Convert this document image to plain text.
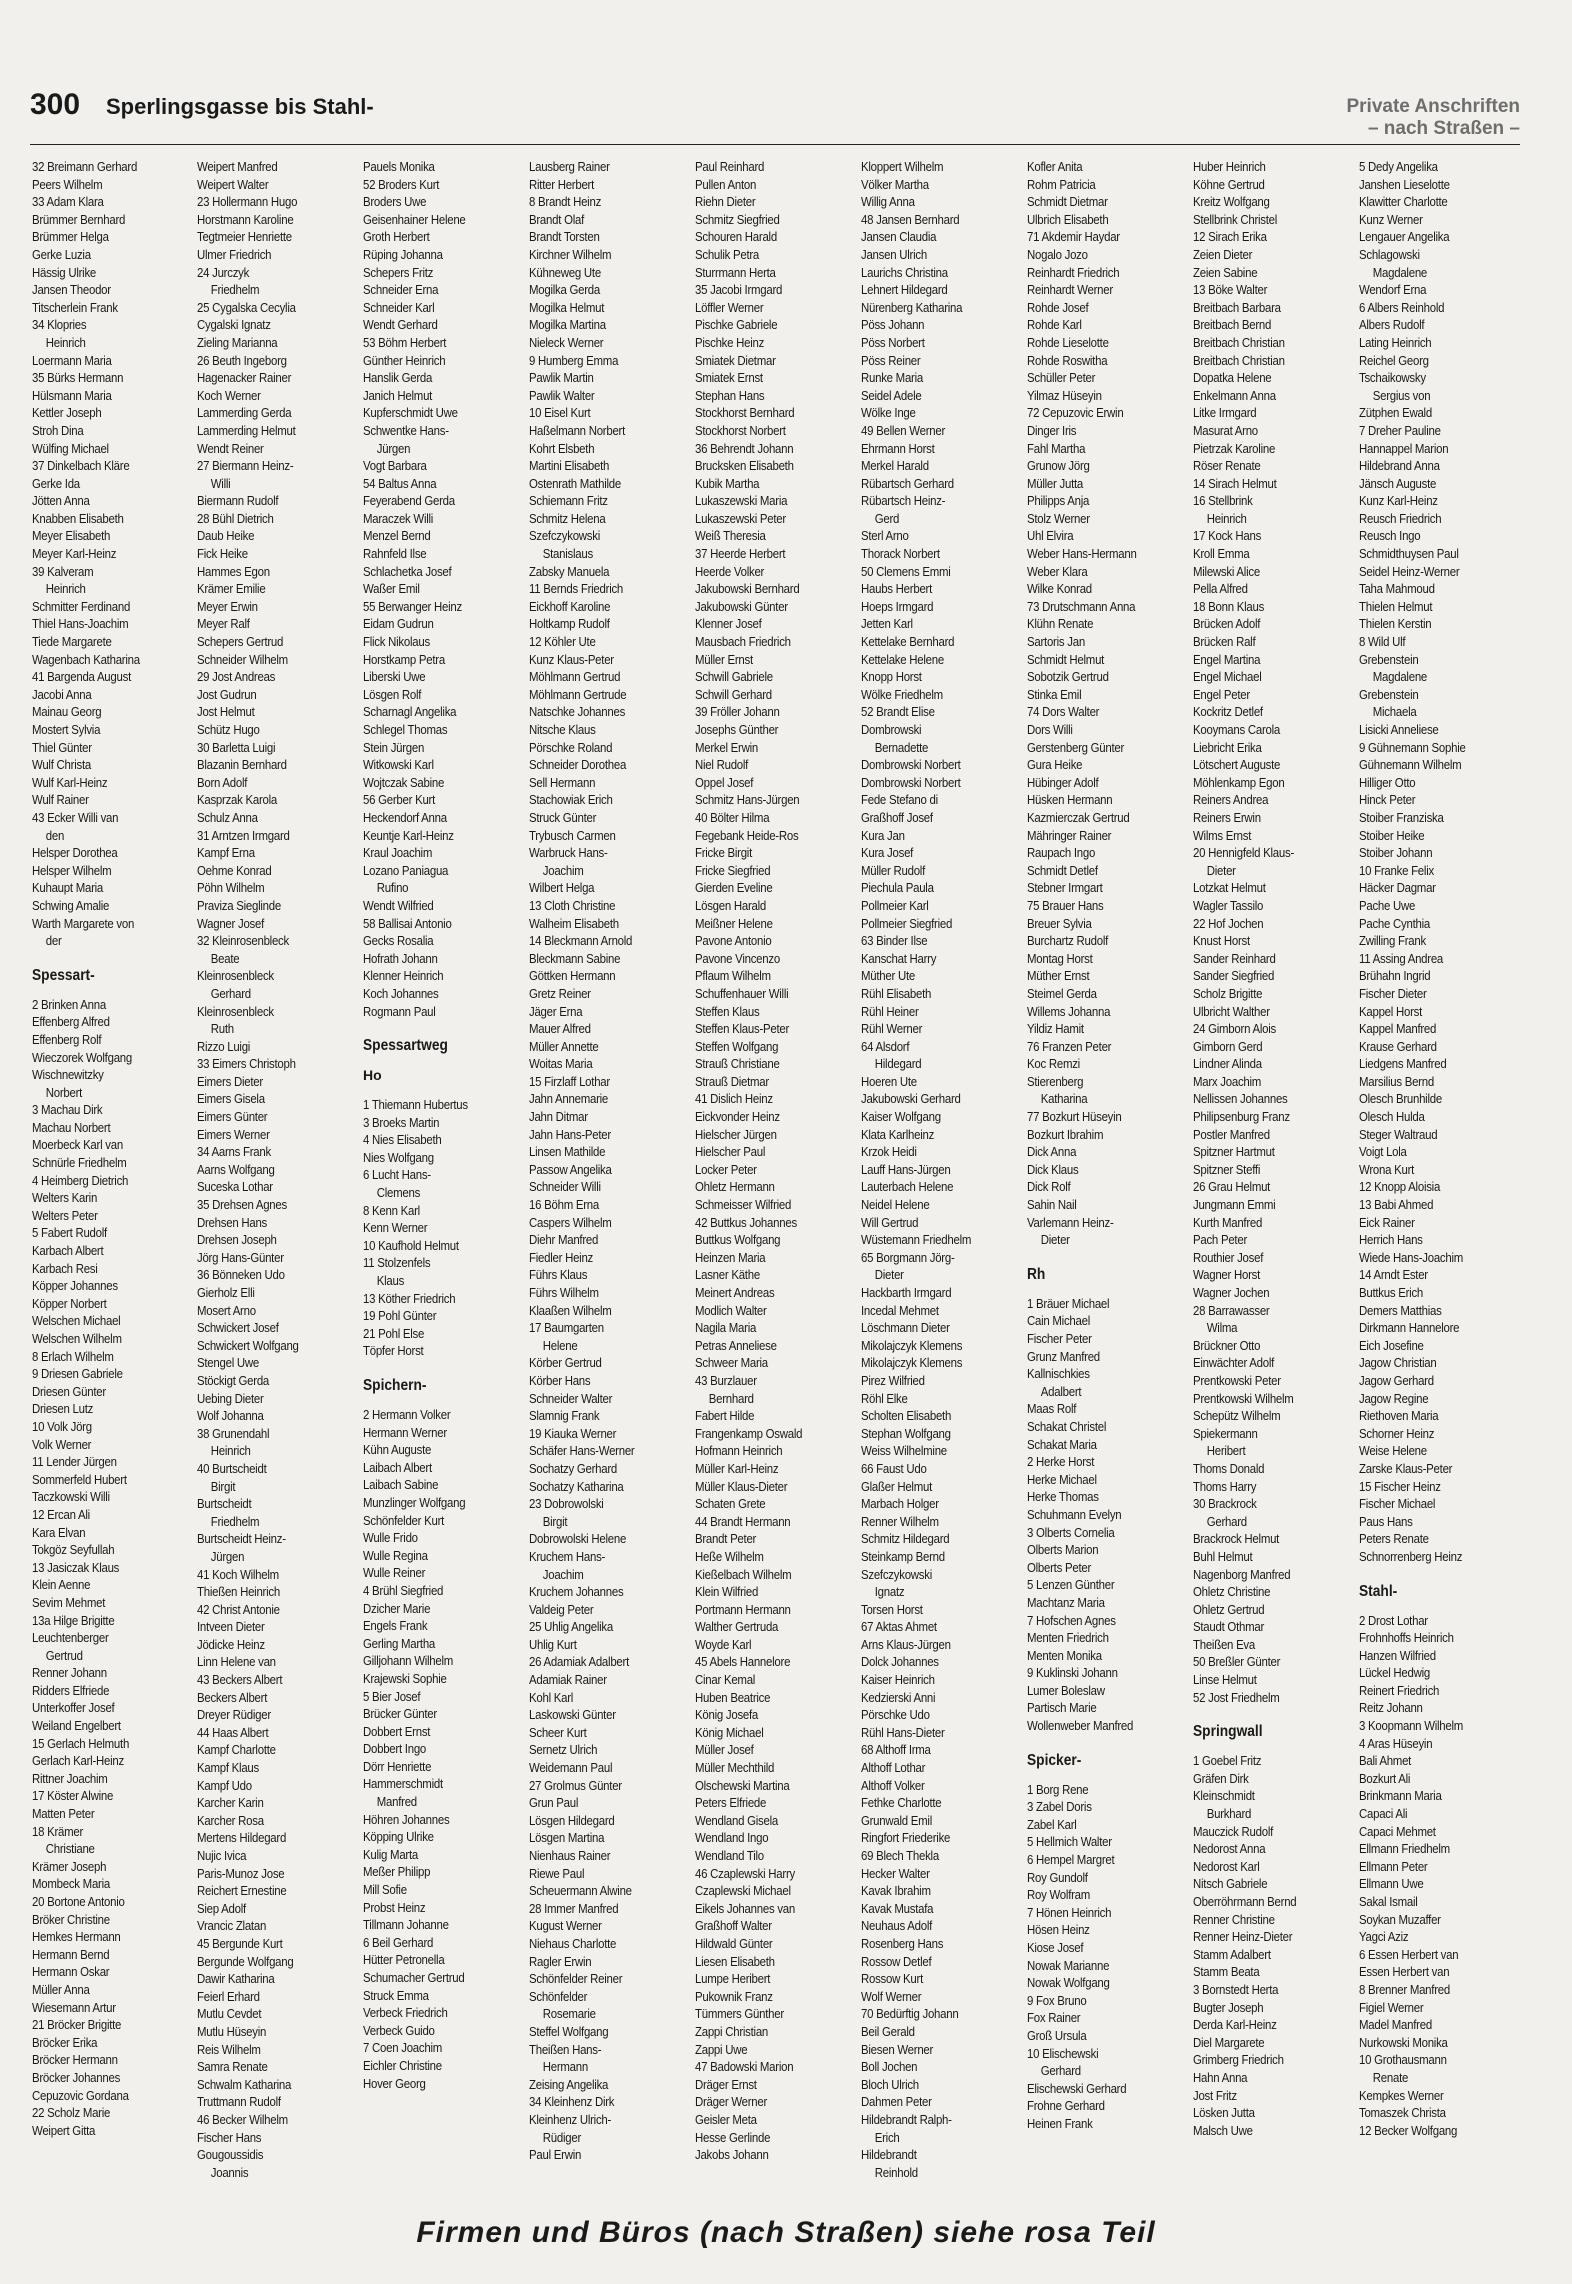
300 Sperlingsgasse bis Stahl-	Private Anschriften
– nach Straßen –
32 Breimann Gerhard
Peers Wilhelm
33 Adam Klara
Brümmer Bernhard
Brümmer Helga
Gerke Luzia
Hässig Ulrike
Jansen Theodor
Titscherlein Frank
34 Klopries
Heinrich
Loermann Maria
35 Bürks Hermann
Hülsmann Maria
Kettler Joseph
Stroh Dina
Wülfing Michael
37 Dinkelbach Kläre
Gerke Ida
Jötten Anna
Knabben Elisabeth
Meyer Elisabeth
Meyer Karl-Heinz
39 Kalveram
Heinrich
Schmitter Ferdinand
Thiel Hans-Joachim
Tiede Margarete
Wagenbach Katharina
41 Bargenda August
Jacobi Anna
Mainau Georg
Mostert Sylvia
Thiel Günter
Wulf Christa
Wulf Karl-Heinz
Wulf Rainer
43 Ecker Willi van
den
Helsper Dorothea
Helsper Wilhelm
Kuhaupt Maria
Schwing Amalie
Warth Margarete von
der
Spessart-
2 Brinken Anna
Effenberg Alfred
Effenberg Rolf
Wieczorek Wolfgang
Wischnewitzky
Norbert
3 Machau Dirk
Machau Norbert
Moerbeck Karl van
Schnürle Friedhelm
4 Heimberg Dietrich
Welters Karin
Welters Peter
5 Fabert Rudolf
Karbach Albert
Karbach Resi
Köpper Johannes
Köpper Norbert
Welschen Michael
Welschen Wilhelm
8 Erlach Wilhelm
9 Driesen Gabriele
Driesen Günter
Driesen Lutz
10 Volk Jörg
Volk Werner
11 Lender Jürgen
Sommerfeld Hubert
Taczkowski Willi
12 Ercan Ali
Kara Elvan
Tokgöz Seyfullah
13 Jasiczak Klaus
Klein Aenne
Sevim Mehmet
13a Hilge Brigitte
Leuchtenberger
Gertrud
Renner Johann
Ridders Elfriede
Unterkoffer Josef
Weiland Engelbert
15 Gerlach Helmuth
Gerlach Karl-Heinz
Rittner Joachim
17 Köster Alwine
Matten Peter
18 Krämer
Christiane
Krämer Joseph
Mombeck Maria
20 Bortone Antonio
Bröker Christine
Hemkes Hermann
Hermann Bernd
Hermann Oskar
Müller Anna
Wiesemann Artur
21 Bröcker Brigitte
Bröcker Erika
Bröcker Hermann
Bröcker Johannes
Cepuzovic Gordana
22 Scholz Marie
Weipert Gitta
Weipert Manfred
Weipert Walter
23 Hollermann Hugo
Horstmann Karoline
Tegtmeier Henriette
Ulmer Friedrich
24 Jurczyk
Friedhelm
25 Cygalska Cecylia
Cygalski Ignatz
Zieling Marianna
26 Beuth Ingeborg
Hagenacker Rainer
Koch Werner
Lammerding Gerda
Lammerding Helmut
Wendt Reiner
27 Biermann Heinz-
Willi
Biermann Rudolf
28 Bühl Dietrich
Daub Heike
Fick Heike
Hammes Egon
Krämer Emilie
Meyer Erwin
Meyer Ralf
Schepers Gertrud
Schneider Wilhelm
29 Jost Andreas
Jost Gudrun
Jost Helmut
Schütz Hugo
30 Barletta Luigi
Blazanin Bernhard
Born Adolf
Kasprzak Karola
Schulz Anna
31 Arntzen Irmgard
Kampf Erna
Oehme Konrad
Pöhn Wilhelm
Praviza Sieglinde
Wagner Josef
32 Kleinrosenbleck
Beate
Kleinrosenbleck
Gerhard
Kleinrosenbleck
Ruth
Rizzo Luigi
33 Eimers Christoph
Eimers Dieter
Eimers Gisela
Eimers Günter
Eimers Werner
34 Aarns Frank
Aarns Wolfgang
Suceska Lothar
35 Drehsen Agnes
Drehsen Hans
Drehsen Joseph
Jörg Hans-Günter
36 Bönneken Udo
Gierholz Elli
Mosert Arno
Schwickert Josef
Schwickert Wolfgang
Stengel Uwe
Stöckigt Gerda
Uebing Dieter
Wolf Johanna
38 Grunendahl
Heinrich
40 Burtscheidt
Birgit
Burtscheidt
Friedhelm
Burtscheidt Heinz-
Jürgen
41 Koch Wilhelm
Thießen Heinrich
42 Christ Antonie
Intveen Dieter
Jödicke Heinz
Linn Helene van
43 Beckers Albert
Beckers Albert
Dreyer Rüdiger
44 Haas Albert
Kampf Charlotte
Kampf Klaus
Kampf Udo
Karcher Karin
Karcher Rosa
Mertens Hildegard
Nujic Ivica
Paris-Munoz Jose
Reichert Ernestine
Siep Adolf
Vrancic Zlatan
45 Bergunde Kurt
Bergunde Wolfgang
Dawir Katharina
Feierl Erhard
Mutlu Cevdet
Mutlu Hüseyin
Reis Wilhelm
Samra Renate
Schwalm Katharina
Truttmann Rudolf
46 Becker Wilhelm
Fischer Hans
Gougoussidis
Joannis
Pauels Monika
52 Broders Kurt
Broders Uwe
Geisenhainer Helene
Groth Herbert
Rüping Johanna
Schepers Fritz
Schneider Erna
Schneider Karl
Wendt Gerhard
53 Böhm Herbert
Günther Heinrich
Hanslik Gerda
Janich Helmut
Kupferschmidt Uwe
Schwentke Hans-
Jürgen
Vogt Barbara
54 Baltus Anna
Feyerabend Gerda
Maraczek Willi
Menzel Bernd
Rahnfeld Ilse
Schlachetka Josef
Waßer Emil
55 Berwanger Heinz
Eidam Gudrun
Flick Nikolaus
Horstkamp Petra
Liberski Uwe
Lösgen Rolf
Scharnagl Angelika
Schlegel Thomas
Stein Jürgen
Witkowski Karl
Wojtczak Sabine
56 Gerber Kurt
Heckendorf Anna
Keuntje Karl-Heinz
Kraul Joachim
Lozano Paniagua
Rufino
Wendt Wilfried
58 Ballisai Antonio
Gecks Rosalia
Hofrath Johann
Klenner Heinrich
Koch Johannes
Rogmann Paul
Spessartweg
Ho
1 Thiemann Hubertus
3 Broeks Martin
4 Nies Elisabeth
Nies Wolfgang
6 Lucht Hans-
Clemens
8 Kenn Karl
Kenn Werner
10 Kaufhold Helmut
11 Stolzenfels
Klaus
13 Köther Friedrich
19 Pohl Günter
21 Pohl Else
Töpfer Horst
Spichern-
2 Hermann Volker
Hermann Werner
Kühn Auguste
Laibach Albert
Laibach Sabine
Munzlinger Wolfgang
Schönfelder Kurt
Wulle Frido
Wulle Regina
Wulle Reiner
4 Brühl Siegfried
Dzicher Marie
Engels Frank
Gerling Martha
Gilljohann Wilhelm
Krajewski Sophie
5 Bier Josef
Brücker Günter
Dobbert Ernst
Dobbert Ingo
Dörr Henriette
Hammerschmidt
Manfred
Höhren Johannes
Köpping Ulrike
Kulig Marta
Meßer Philipp
Mill Sofie
Probst Heinz
Tillmann Johanne
6 Beil Gerhard
Hütter Petronella
Schumacher Gertrud
Struck Emma
Verbeck Friedrich
Verbeck Guido
7 Coen Joachim
Eichler Christine
Hover Georg
Lausberg Rainer
Ritter Herbert
8 Brandt Heinz
Brandt Olaf
Brandt Torsten
Kirchner Wilhelm
Kühneweg Ute
Mogilka Gerda
Mogilka Helmut
Mogilka Martina
Nieleck Werner
9 Humberg Emma
Pawlik Martin
Pawlik Walter
10 Eisel Kurt
Haßelmann Norbert
Kohrt Elsbeth
Martini Elisabeth
Ostenrath Mathilde
Schiemann Fritz
Schmitz Helena
Szefczykowski
Stanislaus
Zabsky Manuela
11 Bernds Friedrich
Eickhoff Karoline
Holtkamp Rudolf
12 Köhler Ute
Kunz Klaus-Peter
Möhlmann Gertrud
Möhlmann Gertrude
Natschke Johannes
Nitsche Klaus
Pörschke Roland
Schneider Dorothea
Sell Hermann
Stachowiak Erich
Struck Günter
Trybusch Carmen
Warbruck Hans-
Joachim
Wilbert Helga
13 Cloth Christine
Walheim Elisabeth
14 Bleckmann Arnold
Bleckmann Sabine
Göttken Hermann
Gretz Reiner
Jäger Erna
Mauer Alfred
Müller Annette
Woitas Maria
15 Firzlaff Lothar
Jahn Annemarie
Jahn Ditmar
Jahn Hans-Peter
Linsen Mathilde
Passow Angelika
Schneider Willi
16 Böhm Erna
Caspers Wilhelm
Diehr Manfred
Fiedler Heinz
Führs Klaus
Führs Wilhelm
Klaaßen Wilhelm
17 Baumgarten
Helene
Körber Gertrud
Körber Hans
Schneider Walter
Slamnig Frank
19 Kiauka Werner
Schäfer Hans-Werner
Sochatzy Gerhard
Sochatzy Katharina
23 Dobrowolski
Birgit
Dobrowolski Helene
Kruchem Hans-
Joachim
Kruchem Johannes
Valdeig Peter
25 Uhlig Angelika
Uhlig Kurt
26 Adamiak Adalbert
Adamiak Rainer
Kohl Karl
Laskowski Günter
Scheer Kurt
Sernetz Ulrich
Weidemann Paul
27 Grolmus Günter
Grun Paul
Lösgen Hildegard
Lösgen Martina
Nienhaus Rainer
Riewe Paul
Scheuermann Alwine
28 Immer Manfred
Kugust Werner
Niehaus Charlotte
Ragler Erwin
Schönfelder Reiner
Schönfelder
Rosemarie
Steffel Wolfgang
Theißen Hans-
Hermann
Zeising Angelika
34 Kleinhenz Dirk
Kleinhenz Ulrich-
Rüdiger
Paul Erwin
Paul Reinhard
Pullen Anton
Riehn Dieter
Schmitz Siegfried
Schouren Harald
Schulik Petra
Sturrmann Herta
35 Jacobi Irmgard
Löffler Werner
Pischke Gabriele
Pischke Heinz
Smiatek Dietmar
Smiatek Ernst
Stephan Hans
Stockhorst Bernhard
Stockhorst Norbert
36 Behrendt Johann
Brucksken Elisabeth
Kubik Martha
Lukaszewski Maria
Lukaszewski Peter
Weiß Theresia
37 Heerde Herbert
Heerde Volker
Jakubowski Bernhard
Jakubowski Günter
Klenner Josef
Mausbach Friedrich
Müller Ernst
Schwill Gabriele
Schwill Gerhard
39 Fröller Johann
Josephs Günther
Merkel Erwin
Niel Rudolf
Oppel Josef
Schmitz Hans-Jürgen
40 Bölter Hilma
Fegebank Heide-Ros
Fricke Birgit
Fricke Siegfried
Gierden Eveline
Lösgen Harald
Meißner Helene
Pavone Antonio
Pavone Vincenzo
Pflaum Wilhelm
Schuffenhauer Willi
Steffen Klaus
Steffen Klaus-Peter
Steffen Wolfgang
Strauß Christiane
Strauß Dietmar
41 Dislich Heinz
Eickvonder Heinz
Hielscher Jürgen
Hielscher Paul
Locker Peter
Ohletz Hermann
Schmeisser Wilfried
42 Buttkus Johannes
Buttkus Wolfgang
Heinzen Maria
Lasner Käthe
Meinert Andreas
Modlich Walter
Nagila Maria
Petras Anneliese
Schweer Maria
43 Burzlauer
Bernhard
Fabert Hilde
Frangenkamp Oswald
Hofmann Heinrich
Müller Karl-Heinz
Müller Klaus-Dieter
Schaten Grete
44 Brandt Hermann
Brandt Peter
Heße Wilhelm
Kießelbach Wilhelm
Klein Wilfried
Portmann Hermann
Walther Gertruda
Woyde Karl
45 Abels Hannelore
Cinar Kemal
Huben Beatrice
König Josefa
König Michael
Müller Josef
Müller Mechthild
Olschewski Martina
Peters Elfriede
Wendland Gisela
Wendland Ingo
Wendland Tilo
46 Czaplewski Harry
Czaplewski Michael
Eikels Johannes van
Graßhoff Walter
Hildwald Günter
Liesen Elisabeth
Lumpe Heribert
Pukownik Franz
Tümmers Günther
Zappi Christian
Zappi Uwe
47 Badowski Marion
Dräger Ernst
Dräger Werner
Geisler Meta
Hesse Gerlinde
Jakobs Johann
Kloppert Wilhelm
Völker Martha
Willig Anna
48 Jansen Bernhard
Jansen Claudia
Jansen Ulrich
Laurichs Christina
Lehnert Hildegard
Nürenberg Katharina
Pöss Johann
Pöss Norbert
Pöss Reiner
Runke Maria
Seidel Adele
Wölke Inge
49 Bellen Werner
Ehrmann Horst
Merkel Harald
Rübartsch Gerhard
Rübartsch Heinz-
Gerd
Sterl Arno
Thorack Norbert
50 Clemens Emmi
Haubs Herbert
Hoeps Irmgard
Jetten Karl
Kettelake Bernhard
Kettelake Helene
Knopp Horst
Wölke Friedhelm
52 Brandt Elise
Dombrowski
Bernadette
Dombrowski Norbert
Dombrowski Norbert
Fede Stefano di
Graßhoff Josef
Kura Jan
Kura Josef
Müller Rudolf
Piechula Paula
Pollmeier Karl
Pollmeier Siegfried
63 Binder Ilse
Kanschat Harry
Müther Ute
Rühl Elisabeth
Rühl Heiner
Rühl Werner
64 Alsdorf
Hildegard
Hoeren Ute
Jakubowski Gerhard
Kaiser Wolfgang
Klata Karlheinz
Krzok Heidi
Lauff Hans-Jürgen
Lauterbach Helene
Neidel Helene
Will Gertrud
Wüstemann Friedhelm
65 Borgmann Jörg-
Dieter
Hackbarth Irmgard
Incedal Mehmet
Löschmann Dieter
Mikolajczyk Klemens
Mikolajczyk Klemens
Pirez Wilfried
Röhl Elke
Scholten Elisabeth
Stephan Wolfgang
Weiss Wilhelmine
66 Faust Udo
Glaßer Helmut
Marbach Holger
Renner Wilhelm
Schmitz Hildegard
Steinkamp Bernd
Szefczykowski
Ignatz
Torsen Horst
67 Aktas Ahmet
Arns Klaus-Jürgen
Dolck Johannes
Kaiser Heinrich
Kedzierski Anni
Pörschke Udo
Rühl Hans-Dieter
68 Althoff Irma
Althoff Lothar
Althoff Volker
Fethke Charlotte
Grunwald Emil
Ringfort Friederike
69 Blech Thekla
Hecker Walter
Kavak Ibrahim
Kavak Mustafa
Neuhaus Adolf
Rosenberg Hans
Rossow Detlef
Rossow Kurt
Wolf Werner
70 Bedürftig Johann
Beil Gerald
Biesen Werner
Boll Jochen
Bloch Ulrich
Dahmen Peter
Hildebrandt Ralph-
Erich
Hildebrandt
Reinhold
Kofler Anita
Rohm Patricia
Schmidt Dietmar
Ulbrich Elisabeth
71 Akdemir Haydar
Nogalo Jozo
Reinhardt Friedrich
Reinhardt Werner
Rohde Josef
Rohde Karl
Rohde Lieselotte
Rohde Roswitha
Schüller Peter
Yilmaz Hüseyin
72 Cepuzovic Erwin
Dinger Iris
Fahl Martha
Grunow Jörg
Müller Jutta
Philipps Anja
Stolz Werner
Uhl Elvira
Weber Hans-Hermann
Weber Klara
Wilke Konrad
73 Drutschmann Anna
Klühn Renate
Sartoris Jan
Schmidt Helmut
Sobotzik Gertrud
Stinka Emil
74 Dors Walter
Dors Willi
Gerstenberg Günter
Gura Heike
Hübinger Adolf
Hüsken Hermann
Kazmierczak Gertrud
Mähringer Rainer
Raupach Ingo
Schmidt Detlef
Stebner Irmgart
75 Brauer Hans
Breuer Sylvia
Burchartz Rudolf
Montag Horst
Müther Ernst
Steimel Gerda
Willems Johanna
Yildiz Hamit
76 Franzen Peter
Koc Remzi
Stierenberg
Katharina
77 Bozkurt Hüseyin
Bozkurt Ibrahim
Dick Anna
Dick Klaus
Dick Rolf
Sahin Nail
Varlemann Heinz-
Dieter
Rh
1 Bräuer Michael
Cain Michael
Fischer Peter
Grunz Manfred
Kallnischkies
Adalbert
Maas Rolf
Schakat Christel
Schakat Maria
2 Herke Horst
Herke Michael
Herke Thomas
Schuhmann Evelyn
3 Olberts Cornelia
Olberts Marion
Olberts Peter
5 Lenzen Günther
Machtanz Maria
7 Hofschen Agnes
Menten Friedrich
Menten Monika
9 Kuklinski Johann
Lumer Boleslaw
Partisch Marie
Wollenweber Manfred
Spicker-
1 Borg Rene
3 Zabel Doris
Zabel Karl
5 Hellmich Walter
6 Hempel Margret
Roy Gundolf
Roy Wolfram
7 Hönen Heinrich
Hösen Heinz
Kiose Josef
Nowak Marianne
Nowak Wolfgang
9 Fox Bruno
Fox Rainer
Groß Ursula
10 Elischewski
Gerhard
Elischewski Gerhard
Frohne Gerhard
Heinen Frank
Huber Heinrich
Köhne Gertrud
Kreitz Wolfgang
Stellbrink Christel
12 Sirach Erika
Zeien Dieter
Zeien Sabine
13 Böke Walter
Breitbach Barbara
Breitbach Bernd
Breitbach Christian
Breitbach Christian
Dopatka Helene
Enkelmann Anna
Litke Irmgard
Masurat Arno
Pietrzak Karoline
Röser Renate
14 Sirach Helmut
16 Stellbrink
Heinrich
17 Kock Hans
Kroll Emma
Milewski Alice
Pella Alfred
18 Bonn Klaus
Brücken Adolf
Brücken Ralf
Engel Martina
Engel Michael
Engel Peter
Kockritz Detlef
Kooymans Carola
Liebricht Erika
Lötschert Auguste
Möhlenkamp Egon
Reiners Andrea
Reiners Erwin
Wilms Ernst
20 Hennigfeld Klaus-
Dieter
Lotzkat Helmut
Wagler Tassilo
22 Hof Jochen
Knust Horst
Sander Reinhard
Sander Siegfried
Scholz Brigitte
Ulbricht Walther
24 Gimborn Alois
Gimborn Gerd
Lindner Alinda
Marx Joachim
Nellissen Johannes
Philipsenburg Franz
Postler Manfred
Spitzner Hartmut
Spitzner Steffi
26 Grau Helmut
Jungmann Emmi
Kurth Manfred
Pach Peter
Routhier Josef
Wagner Horst
Wagner Jochen
28 Barrawasser
Wilma
Brückner Otto
Einwächter Adolf
Prentkowski Peter
Prentkowski Wilhelm
Schepütz Wilhelm
Spiekermann
Heribert
Thoms Donald
Thoms Harry
30 Brackrock
Gerhard
Brackrock Helmut
Buhl Helmut
Nagenborg Manfred
Ohletz Christine
Ohletz Gertrud
Staudt Othmar
Theißen Eva
50 Breßler Günter
Linse Helmut
52 Jost Friedhelm
Springwall
1 Goebel Fritz
Gräfen Dirk
Kleinschmidt
Burkhard
Mauczick Rudolf
Nedorost Anna
Nedorost Karl
Nitsch Gabriele
Oberröhrmann Bernd
Renner Christine
Renner Heinz-Dieter
Stamm Adalbert
Stamm Beata
3 Bornstedt Herta
Bugter Joseph
Derda Karl-Heinz
Diel Margarete
Grimberg Friedrich
Hahn Anna
Jost Fritz
Lösken Jutta
Malsch Uwe
5 Dedy Angelika
Janshen Lieselotte
Klawitter Charlotte
Kunz Werner
Lengauer Angelika
Schlagowski
Magdalene
Wendorf Erna
6 Albers Reinhold
Albers Rudolf
Lating Heinrich
Reichel Georg
Tschaikowsky
Sergius von
Zütphen Ewald
7 Dreher Pauline
Hannappel Marion
Hildebrand Anna
Jänsch Auguste
Kunz Karl-Heinz
Reusch Friedrich
Reusch Ingo
Schmidthuysen Paul
Seidel Heinz-Werner
Taha Mahmoud
Thielen Helmut
Thielen Kerstin
8 Wild Ulf
Grebenstein
Magdalene
Grebenstein
Michaela
Lisicki Anneliese
9 Gühnemann Sophie
Gühnemann Wilhelm
Hilliger Otto
Hinck Peter
Stoiber Franziska
Stoiber Heike
Stoiber Johann
10 Franke Felix
Häcker Dagmar
Pache Uwe
Pache Cynthia
Zwilling Frank
11 Assing Andrea
Brühahn Ingrid
Fischer Dieter
Kappel Horst
Kappel Manfred
Krause Gerhard
Liedgens Manfred
Marsilius Bernd
Olesch Brunhilde
Olesch Hulda
Steger Waltraud
Voigt Lola
Wrona Kurt
12 Knopp Aloisia
13 Babi Ahmed
Eick Rainer
Herrich Hans
Wiede Hans-Joachim
14 Arndt Ester
Buttkus Erich
Demers Matthias
Dirkmann Hannelore
Eich Josefine
Jagow Christian
Jagow Gerhard
Jagow Regine
Riethoven Maria
Schorner Heinz
Weise Helene
Zarske Klaus-Peter
15 Fischer Heinz
Fischer Michael
Paus Hans
Peters Renate
Schnorrenberg Heinz
Stahl-
2 Drost Lothar
Frohnhoffs Heinrich
Hanzen Wilfried
Lückel Hedwig
Reinert Friedrich
Reitz Johann
3 Koopmann Wilhelm
4 Aras Hüseyin
Bali Ahmet
Bozkurt Ali
Brinkmann Maria
Capaci Ali
Capaci Mehmet
Ellmann Friedhelm
Ellmann Peter
Ellmann Uwe
Sakal Ismail
Soykan Muzaffer
Yagci Aziz
6 Essen Herbert van
Essen Herbert van
8 Brenner Manfred
Figiel Werner
Madel Manfred
Nurkowski Monika
10 Grothausmann
Renate
Kempkes Werner
Tomaszek Christa
12 Becker Wolfgang
Firmen und Büros (nach Straßen) siehe rosa Teil
